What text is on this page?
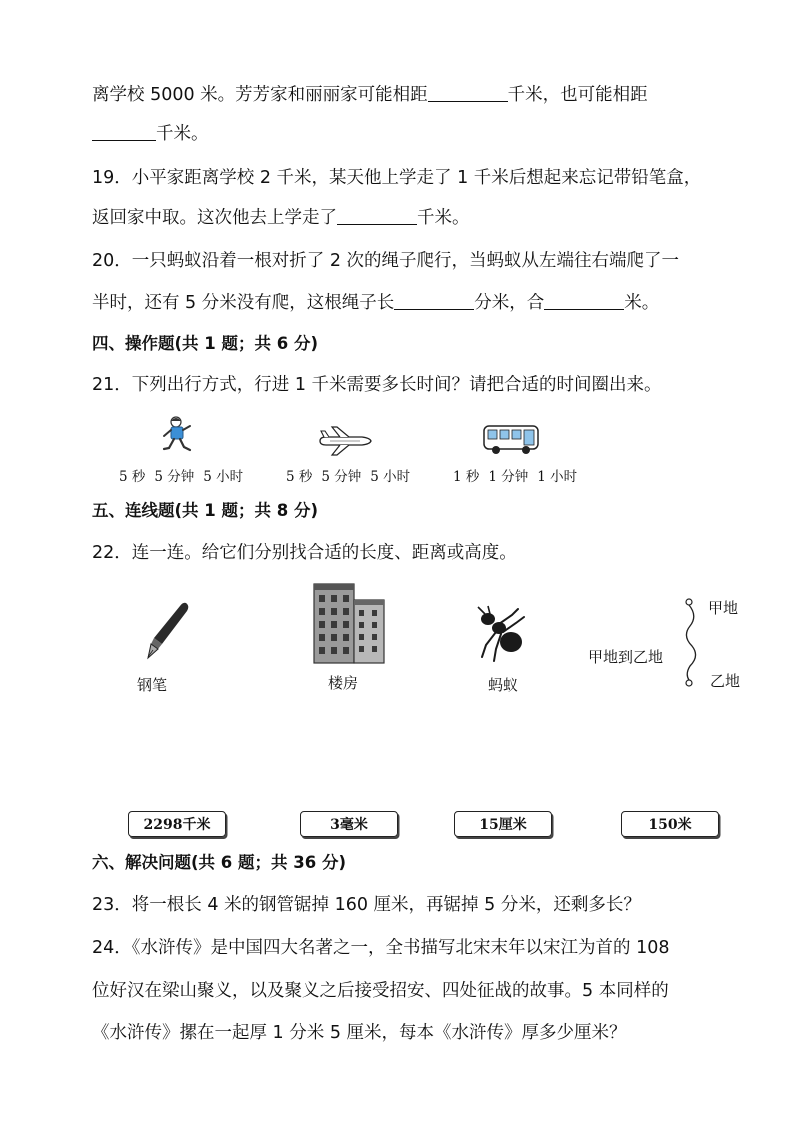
离学校 5000 米。芳芳家和丽丽家可能相距	千米，也可能相距
千米。
19．小平家距离学校 2 千米，某天他上学走了 1 千米后想起来忘记带铅笔盒，
返回家中取。这次他去上学走了	千米。
20．一只蚂蚁沿着一根对折了 2 次的绳子爬行，当蚂蚁从左端往右端爬了一
半时，还有 5 分米没有爬，这根绳子长	分米，合	米。
四、操作题(共 1 题；共 6 分)
21．下列出行方式，行进 1 千米需要多长时间？请把合适的时间圈出来。
5 秒 5 分钟 5 小时	5 秒 5 分钟 5 小时	1 秒 1 分钟 1 小时
五、连线题(共 1 题；共 8 分)
22．连一连。给它们分别找合适的长度、距离或高度。
钢笔	楼房	蚂蚁
甲地到乙地
甲地
乙地
2298千米	3毫米	15厘米	150米
六、解决问题(共 6 题；共 36 分)
23．将一根长 4 米的钢管锯掉 160 厘米，再锯掉 5 分米，还剩多长？
24．《水浒传》是中国四大名著之一，全书描写北宋末年以宋江为首的 108
位好汉在梁山聚义，以及聚义之后接受招安、四处征战的故事。5 本同样的
《水浒传》摞在一起厚 1 分米 5 厘米，每本《水浒传》厚多少厘米？
